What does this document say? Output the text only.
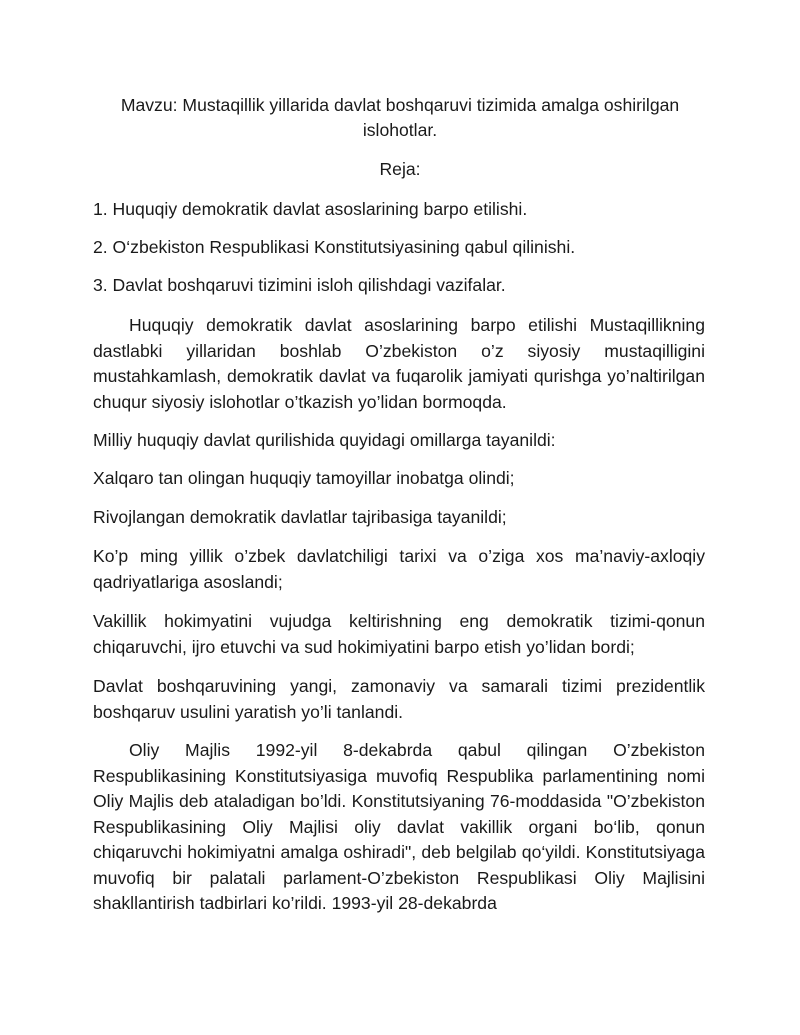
Mavzu: Mustaqillik yillarida davlat boshqaruvi tizimida amalga oshirilgan islohotlar.
Reja:
1. Huquqiy demokratik davlat asoslarining barpo etilishi.
2. O‘zbekiston Respublikasi Konstitutsiyasining qabul qilinishi.
3. Davlat boshqaruvi tizimini isloh qilishdagi vazifalar.
Huquqiy demokratik davlat asoslarining barpo etilishi Mustaqillikning dastlabki yillaridan boshlab O’zbekiston o’z siyosiy mustaqilligini mustahkamlash, demokratik davlat va fuqarolik jamiyati qurishga yo’naltirilgan chuqur siyosiy islohotlar o’tkazish yo’lidan bormoqda.
Milliy huquqiy davlat qurilishida quyidagi omillarga tayanildi:
Xalqaro tan olingan huquqiy tamoyillar inobatga olindi;
Rivojlangan demokratik davlatlar tajribasiga tayanildi;
Ko’p ming yillik o’zbek davlatchiligi tarixi va o’ziga xos ma’naviy-axloqiy qadriyatlariga asoslandi;
Vakillik hokimyatini vujudga keltirishning eng demokratik tizimi-qonun chiqaruvchi, ijro etuvchi va sud hokimiyatini barpo etish yo’lidan bordi;
Davlat boshqaruvining yangi, zamonaviy va samarali tizimi prezidentlik boshqaruv usulini yaratish yo’li tanlandi.
Oliy Majlis 1992-yil 8-dekabrda qabul qilingan O’zbekiston Respublikasining Konstitutsiyasiga muvofiq Respublika parlamentining nomi Oliy Majlis deb ataladigan bo’ldi. Konstitutsiyaning 76-moddasida "O’zbekiston Respublikasining Oliy Majlisi oliy davlat vakillik organi bo‘lib, qonun chiqaruvchi hokimiyatni amalga oshiradi", deb belgilab qo‘yildi. Konstitutsiyaga muvofiq bir palatali parlament-O’zbekiston Respublikasi Oliy Majlisini shakllantirish tadbirlari ko’rildi. 1993-yil 28-dekabrda
